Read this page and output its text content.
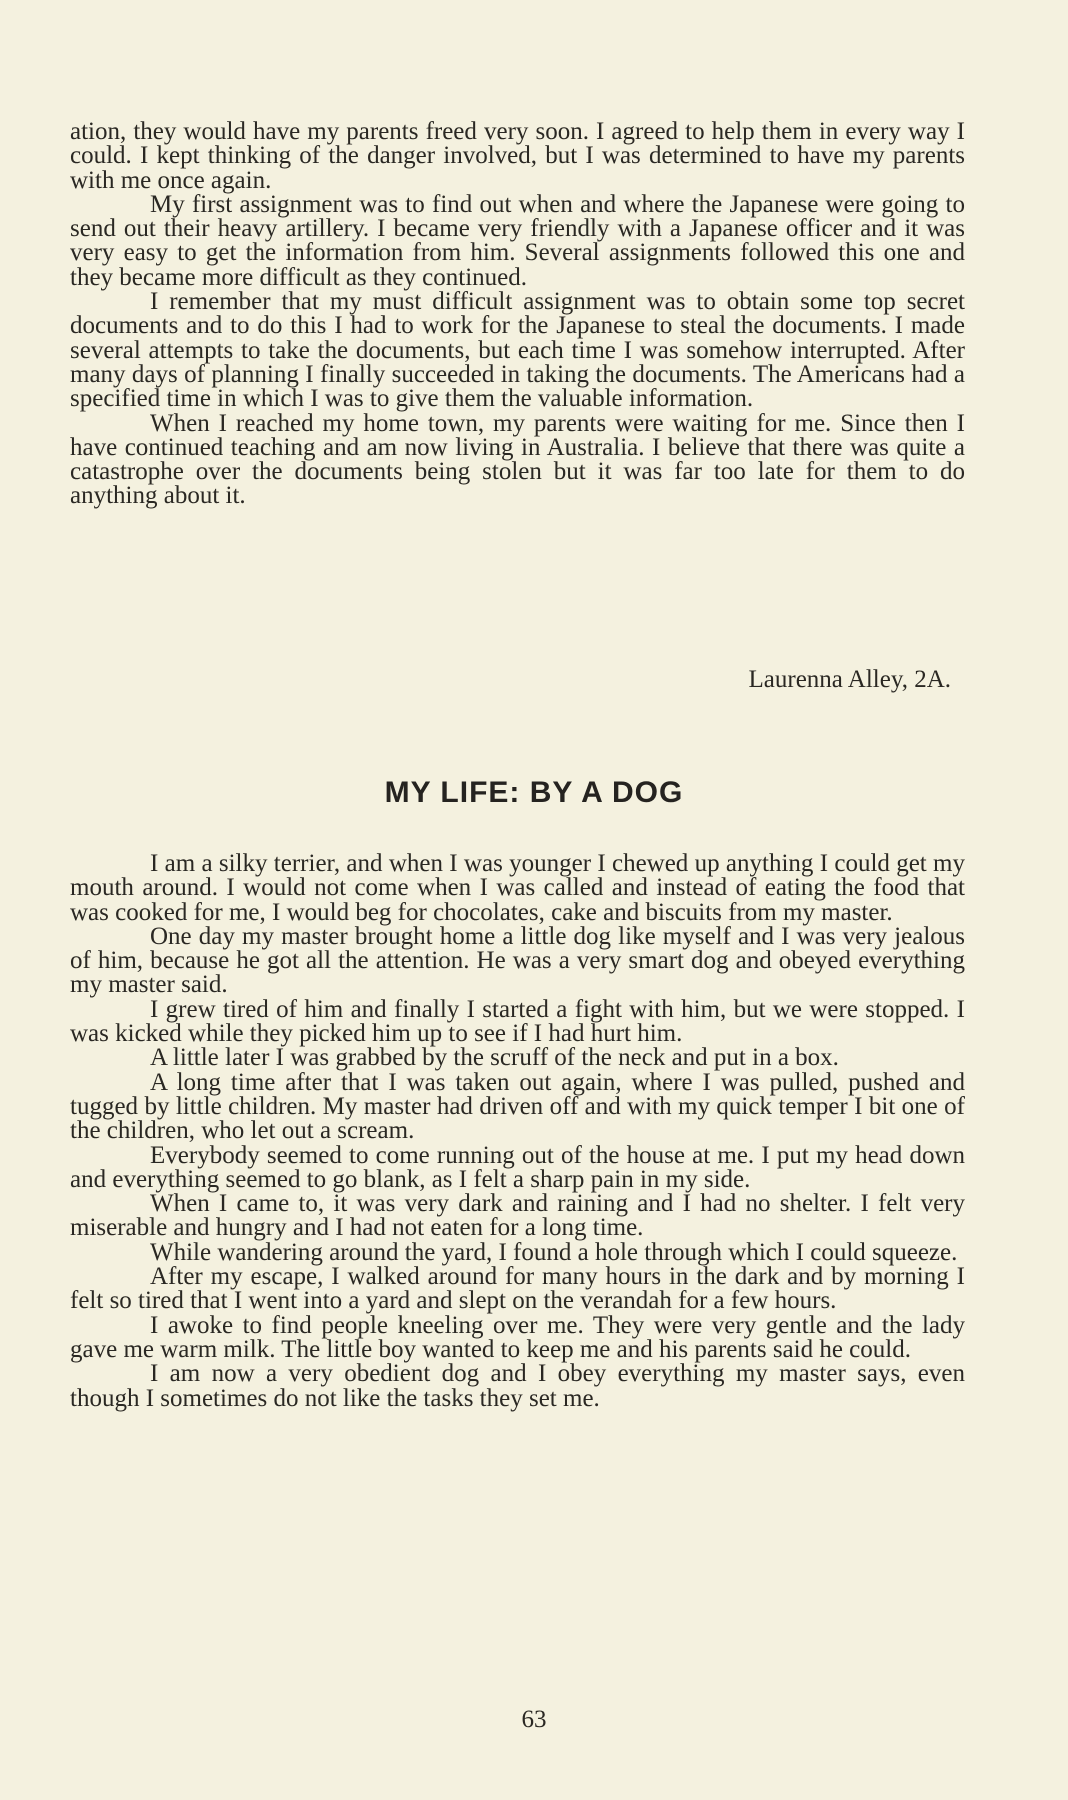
ation, they would have my parents freed very soon. I agreed to help them in every way I could. I kept thinking of the danger involved, but I was determined to have my parents with me once again.

My first assignment was to find out when and where the Japanese were going to send out their heavy artillery. I became very friendly with a Japanese officer and it was very easy to get the information from him. Several assignments followed this one and they became more difficult as they continued.

I remember that my must difficult assignment was to obtain some top secret documents and to do this I had to work for the Japanese to steal the documents. I made several attempts to take the documents, but each time I was somehow interrupted. After many days of planning I finally succeeded in taking the documents. The Americans had a specified time in which I was to give them the valuable information.

When I reached my home town, my parents were waiting for me. Since then I have continued teaching and am now living in Australia. I believe that there was quite a catastrophe over the documents being stolen but it was far too late for them to do anything about it.

Laurenna Alley, 2A.
MY LIFE: BY A DOG

I am a silky terrier, and when I was younger I chewed up anything I could get my mouth around. I would not come when I was called and instead of eating the food that was cooked for me, I would beg for chocolates, cake and biscuits from my master.

One day my master brought home a little dog like myself and I was very jealous of him, because he got all the attention. He was a very smart dog and obeyed everything my master said.

I grew tired of him and finally I started a fight with him, but we were stopped. I was kicked while they picked him up to see if I had hurt him.

A little later I was grabbed by the scruff of the neck and put in a box.

A long time after that I was taken out again, where I was pulled, pushed and tugged by little children. My master had driven off and with my quick temper I bit one of the children, who let out a scream.

Everybody seemed to come running out of the house at me. I put my head down and everything seemed to go blank, as I felt a sharp pain in my side.

When I came to, it was very dark and raining and I had no shelter. I felt very miserable and hungry and I had not eaten for a long time.

While wandering around the yard, I found a hole through which I could squeeze.

After my escape, I walked around for many hours in the dark and by morning I felt so tired that I went into a yard and slept on the verandah for a few hours.

I awoke to find people kneeling over me. They were very gentle and the lady gave me warm milk. The little boy wanted to keep me and his parents said he could.

I am now a very obedient dog and I obey everything my master says, even though I sometimes do not like the tasks they set me.

63
